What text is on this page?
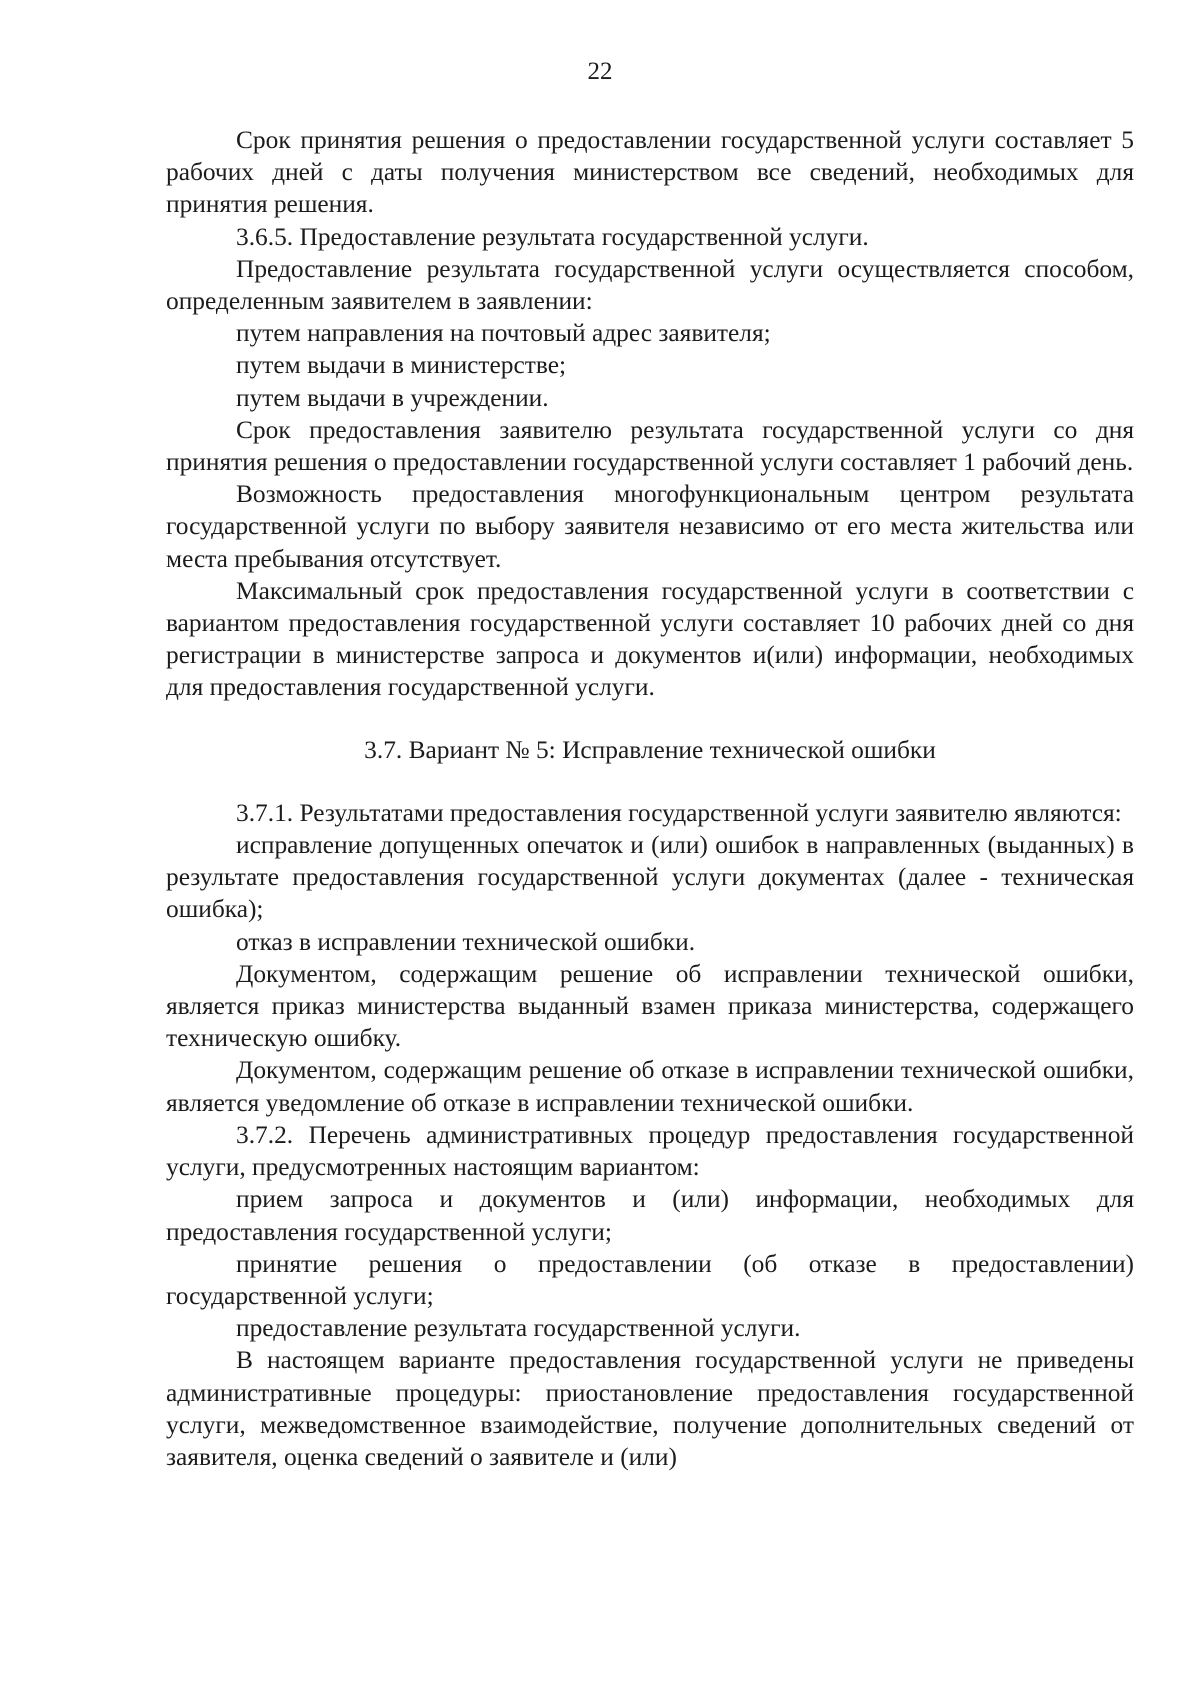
22

Срок принятия решения о предоставлении государственной услуги составляет 5 рабочих дней с даты получения министерством все сведений, необходимых для принятия решения.

3.6.5. Предоставление результата государственной услуги.

Предоставление результата государственной услуги осуществляется способом, определенным заявителем в заявлении:

путем направления на почтовый адрес заявителя;

путем выдачи в министерстве;

путем выдачи в учреждении.

Срок предоставления заявителю результата государственной услуги со дня принятия решения о предоставлении государственной услуги составляет 1 рабочий день.

Возможность предоставления многофункциональным центром результата государственной услуги по выбору заявителя независимо от его места жительства или места пребывания отсутствует.

Максимальный срок предоставления государственной услуги в соответствии с вариантом предоставления государственной услуги составляет 10 рабочих дней со дня регистрации в министерстве запроса и документов и(или) информации, необходимых для предоставления государственной услуги.

3.7. Вариант № 5: Исправление технической ошибки

3.7.1. Результатами предоставления государственной услуги заявителю являются:

исправление допущенных опечаток и (или) ошибок в направленных (выданных) в результате предоставления государственной услуги документах (далее - техническая ошибка);

отказ в исправлении технической ошибки.

Документом, содержащим решение об исправлении технической ошибки, является приказ министерства выданный взамен приказа министерства, содержащего техническую ошибку.

Документом, содержащим решение об отказе в исправлении технической ошибки, является уведомление об отказе в исправлении технической ошибки.

3.7.2. Перечень административных процедур предоставления государственной услуги, предусмотренных настоящим вариантом:

прием запроса и документов и (или) информации, необходимых для предоставления государственной услуги;

принятие решения о предоставлении (об отказе в предоставлении) государственной услуги;

предоставление результата государственной услуги.

В настоящем варианте предоставления государственной услуги не приведены административные процедуры: приостановление предоставления государственной услуги, межведомственное взаимодействие, получение дополнительных сведений от заявителя, оценка сведений о заявителе и (или)
